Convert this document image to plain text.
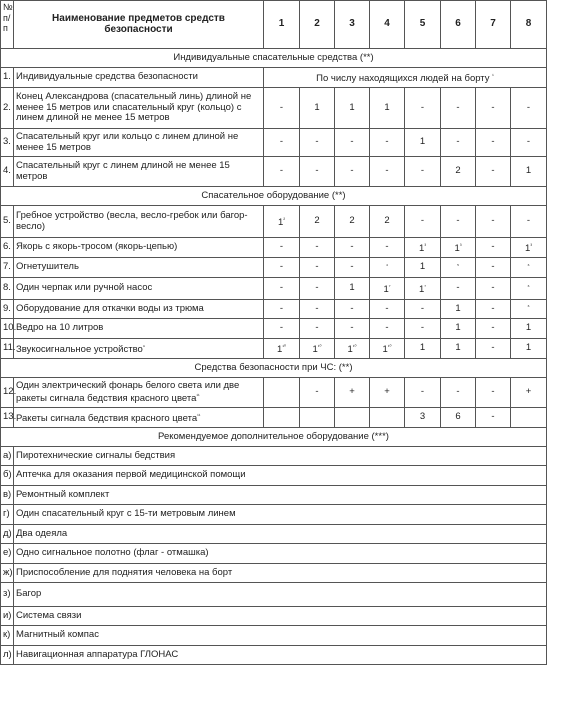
№ п/п	Наименование предметов средств безопасности	1	2	3	4	5	6	7	8
Индивидуальные спасательные средства (**)									
1.	Индивидуальные средства безопасности	По числу находящихся людей на борту $^{^1}$
2.	Конец Александрова (спасательный линь) длиной не менее 15 метров или спасательный круг (кольцо) с линем длиной не менее 15 метров	-	1	1	1	-	-	-	-
3.	Спасательный круг или кольцо с линем длиной не менее 15 метров	-	-	-	-	1	-	-	-
4.	Спасательный круг с линем длиной не менее 15 метров	-	-	-	-	-	2	-	1
Спасательное оборудование (**)									
5.	Гребное устройство (весла, весло-гребок или багор-весло)	$1^{^2}$	2	2	2	-	-	-	-
6.	Якорь с якорь-тросом (якорь-цепью)	-	-	-	-	$1^{^3}$	$1^{^3}$	-	$1^{^3}$
7.	Огнетушитель	-	-	-	$^{^4}$	1	$^{^5}$	-	$^{^6}$
8.	Один черпак или ручной насос	-	-	1	$1^{^7}$	$1^{^7}$	-	-	$^{^6}$
9.	Оборудование для откачки воды из трюма	-	-	-	-	-	1	-	$^{^6}$
10.	Ведро на 10 литров	-	-	-	-	-	1	-	1
11.	Звукосигнальное устройство$^{^9}$	$1^{^{10}}$	$1^{^{10}}$	$1^{^{10}}$	$1^{^{10}}$	1	1	-	1
Средства безопасности при ЧС: (**)									
12.	Один электрический фонарь белого света или две ракеты сигнала бедствия красного цвета$^{^{11}}$		-	+	+	-	-	-	+
13.	Ракеты сигнала бедствия красного цвета$^{^{11}}$					3	6	-	
Рекомендуемое дополнительное оборудование (***)									
а)	Пиротехнические сигналы бедствия								
б)	Аптечка для оказания первой медицинской помощи								
в)	Ремонтный комплект								
г)	Один спасательный круг с 15-ти метровым линем								
д)	Два одеяла								
е)	Одно сигнальное полотно (флаг - отмашка)								
ж)	Приспособление для поднятия человека на борт								
з)	Багор								
и)	Система связи								
к)	Магнитный компас								
л)	Навигационная аппаратура ГЛОНАС								
